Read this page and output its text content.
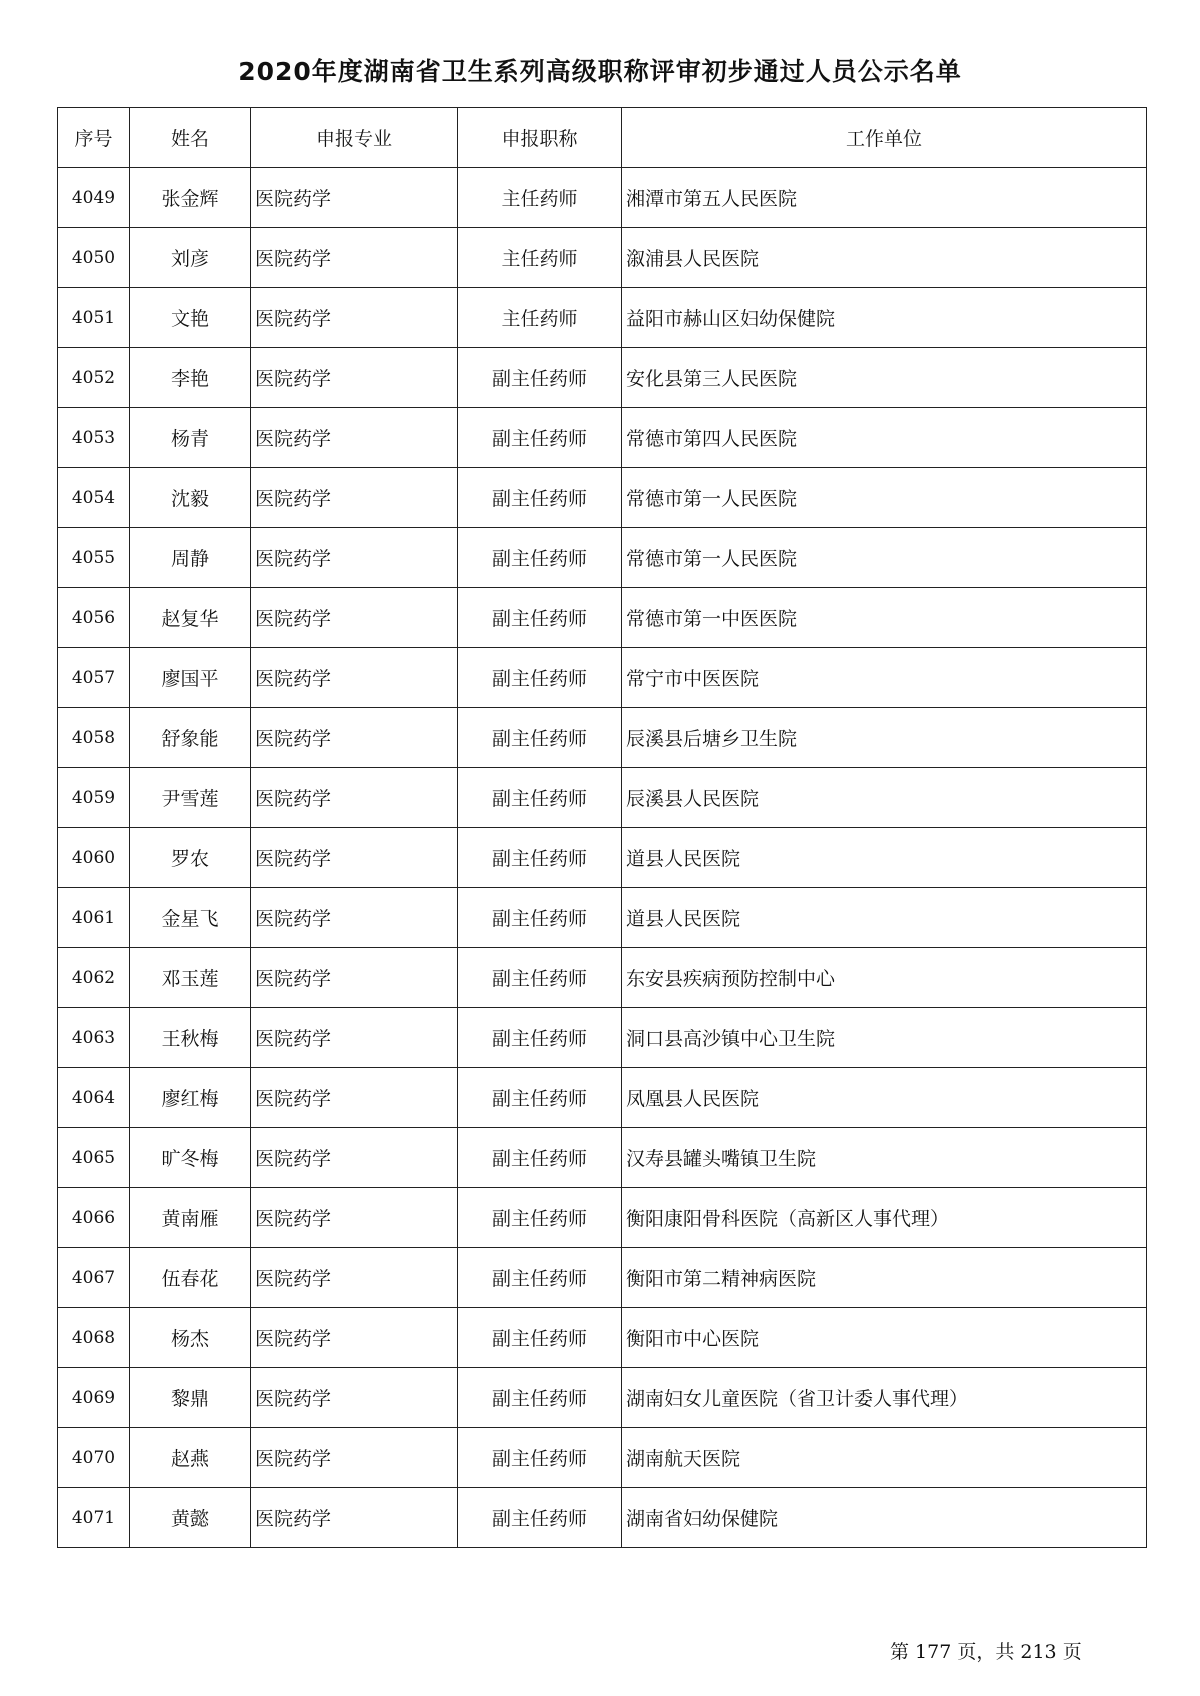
2020年度湖南省卫生系列高级职称评审初步通过人员公示名单
序号	姓名	申报专业	申报职称	工作单位
4049	张金辉	医院药学	主任药师	湘潭市第五人民医院
4050	刘彦	医院药学	主任药师	溆浦县人民医院
4051	文艳	医院药学	主任药师	益阳市赫山区妇幼保健院
4052	李艳	医院药学	副主任药师	安化县第三人民医院
4053	杨青	医院药学	副主任药师	常德市第四人民医院
4054	沈毅	医院药学	副主任药师	常德市第一人民医院
4055	周静	医院药学	副主任药师	常德市第一人民医院
4056	赵复华	医院药学	副主任药师	常德市第一中医医院
4057	廖国平	医院药学	副主任药师	常宁市中医医院
4058	舒象能	医院药学	副主任药师	辰溪县后塘乡卫生院
4059	尹雪莲	医院药学	副主任药师	辰溪县人民医院
4060	罗农	医院药学	副主任药师	道县人民医院
4061	金星飞	医院药学	副主任药师	道县人民医院
4062	邓玉莲	医院药学	副主任药师	东安县疾病预防控制中心
4063	王秋梅	医院药学	副主任药师	洞口县高沙镇中心卫生院
4064	廖红梅	医院药学	副主任药师	凤凰县人民医院
4065	旷冬梅	医院药学	副主任药师	汉寿县罐头嘴镇卫生院
4066	黄南雁	医院药学	副主任药师	衡阳康阳骨科医院（高新区人事代理）
4067	伍春花	医院药学	副主任药师	衡阳市第二精神病医院
4068	杨杰	医院药学	副主任药师	衡阳市中心医院
4069	黎鼎	医院药学	副主任药师	湖南妇女儿童医院（省卫计委人事代理）
4070	赵燕	医院药学	副主任药师	湖南航天医院
4071	黄懿	医院药学	副主任药师	湖南省妇幼保健院
第 177 页，共 213 页
